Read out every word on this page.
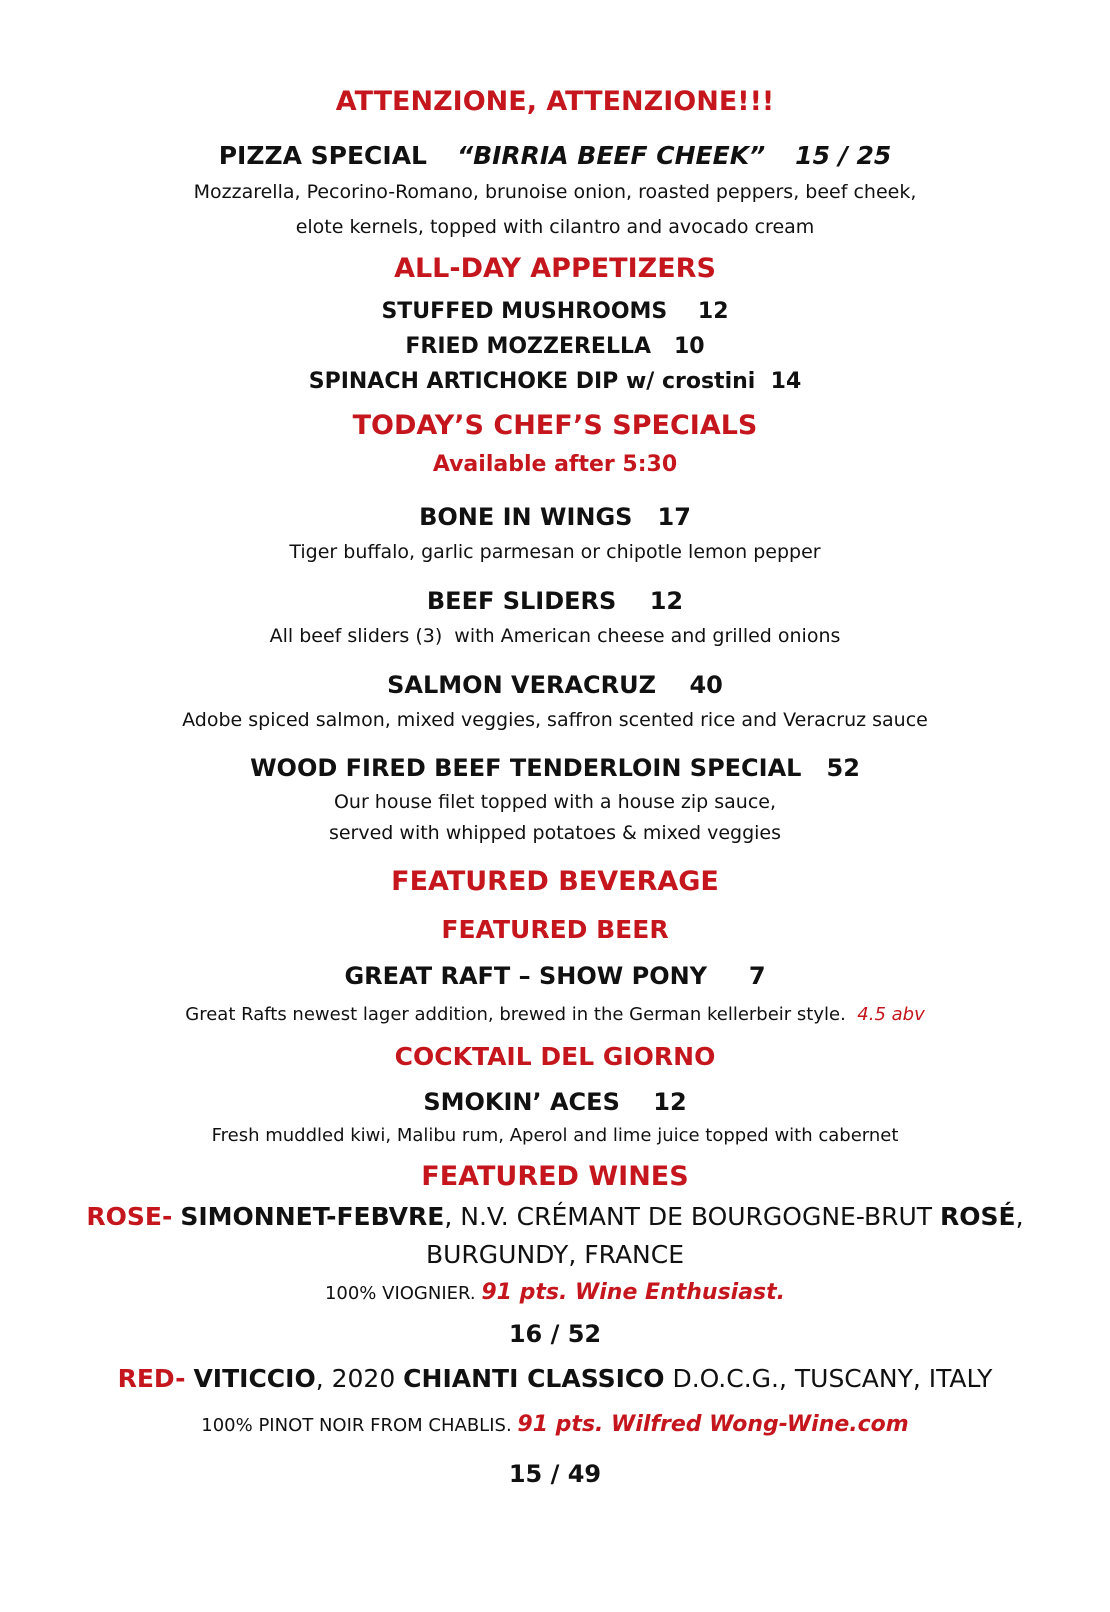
ATTENZIONE, ATTENZIONE!!!
PIZZA SPECIAL “BIRRIA BEEF CHEEK” 15 / 25
Mozzarella, Pecorino-Romano, brunoise onion, roasted peppers, beef cheek,
elote kernels, topped with cilantro and avocado cream
ALL-DAY APPETIZERS
STUFFED MUSHROOMS    12
FRIED MOZZERELLA   10
SPINACH ARTICHOKE DIP w/ crostini  14
TODAY’S CHEF’S SPECIALS
Available after 5:30
BONE IN WINGS   17
Tiger buffalo, garlic parmesan or chipotle lemon pepper
BEEF SLIDERS    12
All beef sliders (3)  with American cheese and grilled onions
SALMON VERACRUZ    40
Adobe spiced salmon, mixed veggies, saffron scented rice and Veracruz sauce
WOOD FIRED BEEF TENDERLOIN SPECIAL   52
Our house filet topped with a house zip sauce,
served with whipped potatoes & mixed veggies
FEATURED BEVERAGE
FEATURED BEER
GREAT RAFT – SHOW PONY     7
Great Rafts newest lager addition, brewed in the German kellerbeir style. 4.5 abv
COCKTAIL DEL GIORNO
SMOKIN’ ACES    12
Fresh muddled kiwi, Malibu rum, Aperol and lime juice topped with cabernet
FEATURED WINES
ROSE- SIMONNET-FEBVRE, N.V. CRÉMANT DE BOURGOGNE-BRUT ROSÉ,
BURGUNDY, FRANCE
100% VIOGNIER. 91 pts. Wine Enthusiast.
16 / 52
RED- VITICCIO, 2020 CHIANTI CLASSICO D.O.C.G., TUSCANY, ITALY
100% PINOT NOIR FROM CHABLIS. 91 pts. Wilfred Wong-Wine.com
15 / 49
